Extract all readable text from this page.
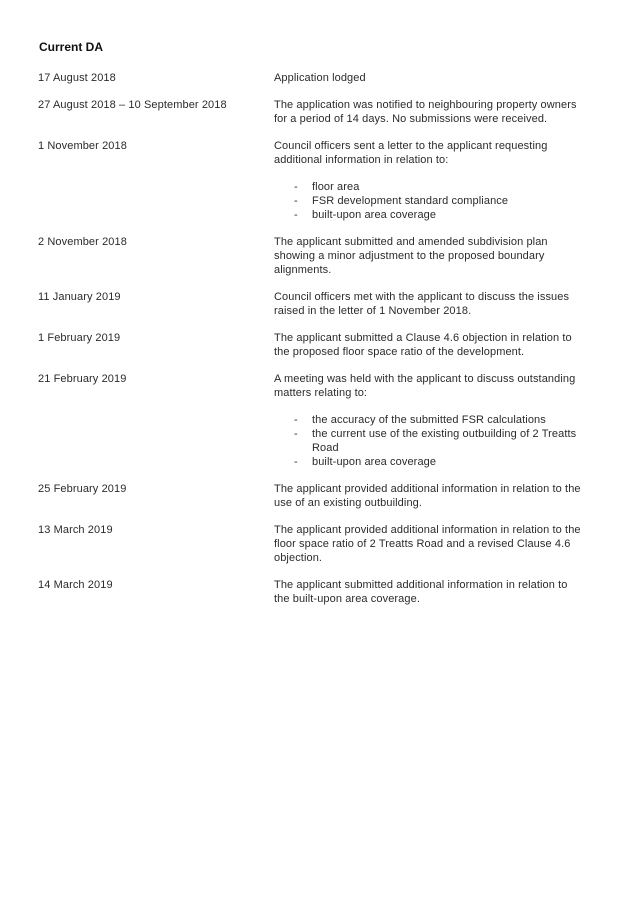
Current DA
17 August 2018	Application lodged

27 August 2018 – 10 September 2018	The application was notified to neighbouring property owners for a period of 14 days. No submissions were received.

1 November 2018	Council officers sent a letter to the applicant requesting additional information in relation to:

-	floor area
-	FSR development standard compliance
-	built-upon area coverage
2 November 2018	The applicant submitted and amended subdivision plan showing a minor adjustment to the proposed boundary alignments.

11 January 2019	Council officers met with the applicant to discuss the issues raised in the letter of 1 November 2018.

1 February 2019	The applicant submitted a Clause 4.6 objection in relation to the proposed floor space ratio of the development.

21 February 2019	A meeting was held with the applicant to discuss outstanding matters relating to:

-	the accuracy of the submitted FSR calculations
-	the current use of the existing outbuilding of 2 Treatts Road
-	built-upon area coverage
25 February 2019	The applicant provided additional information in relation to the use of an existing outbuilding.

13 March 2019	The applicant provided additional information in relation to the floor space ratio of 2 Treatts Road and a revised Clause 4.6 objection.

14 March 2019	The applicant submitted additional information in relation to the built-upon area coverage.
